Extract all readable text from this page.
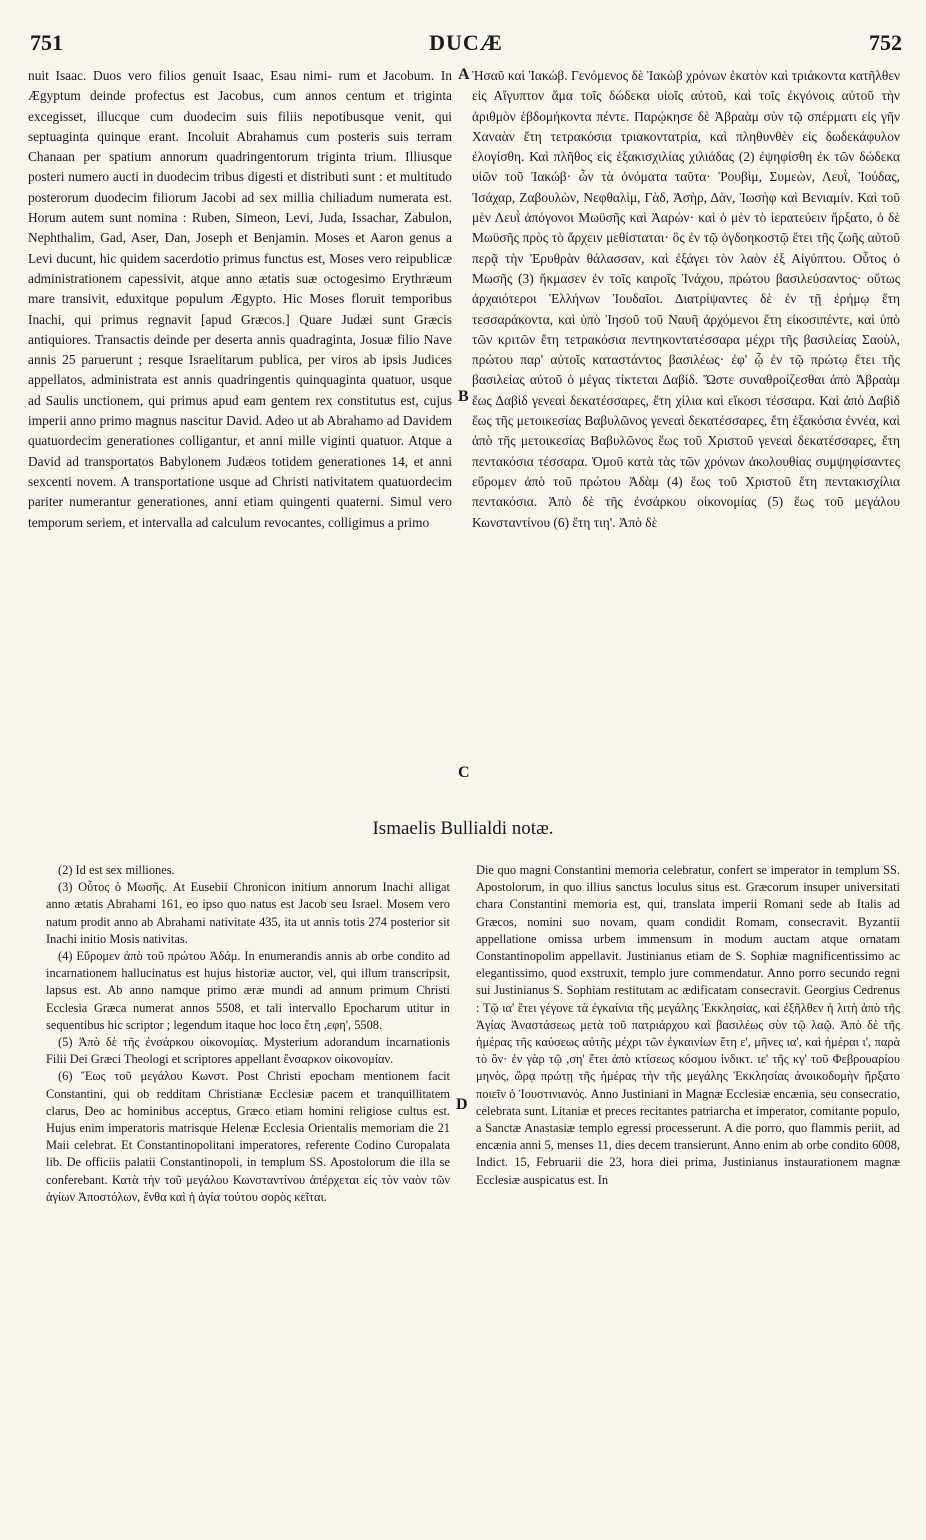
751	DUCÆ	752

nuit Isaac. Duos vero filios genuit Isaac, Esau nimi- rum et Jacobum. In Ægyptum deinde profectus est Jacobus, cum annos centum et triginta excegisset, illucque cum duodecim suis filiis nepotibusque venit, qui septuaginta quinque erant. Incoluit Abrahamus cum posteris suis terram Chanaan per spatium annorum quadringentorum triginta trium. Illiusque posteri numero aucti in duodecim tribus digesti et distributi sunt : et multitudo posterorum duodecim filiorum Jacobi ad sex millia chiliadum numerata est. Horum autem sunt nomina : Ruben, Simeon, Levi, Juda, Issachar, Zabulon, Nephthalim, Gad, Aser, Dan, Joseph et Benjamin. Moses et Aaron genus a Levi ducunt, hic quidem sacerdotio primus functus est, Moses vero reipublicæ administrationem capessivit, atque anno ætatis suæ octogesimo Erythræum mare transivit, eduxitque populum Ægypto. Hic Moses floruit temporibus Inachi, qui primus regnavit [apud Græcos.] Quare Judæi sunt Græcis antiquiores. Transactis deinde per deserta annis quadraginta, Josuæ filio Nave annis 25 paruerunt ; resque Israelitarum publica, per viros ab ipsis Judices appellatos, administrata est annis quadringentis quinquaginta quatuor, usque ad Saulis unctionem, qui primus apud eam gentem rex constitutus est, cujus imperii anno primo magnus nascitur David. Adeo ut ab Abrahamo ad Davidem quatuordecim generationes colligantur, et anni mille viginti quatuor. Atque a David ad transportatos Babylonem Judæos totidem generationes 14, et anni sexcenti novem. A transportatione usque ad Christi nativitatem quatuordecim pariter numerantur generationes, anni etiam quingenti quaterni. Simul vero temporum seriem, et intervalla ad calculum revocantes, colligimus a primo

A
B
C
D

Ἠσαῦ καὶ Ἰακώβ. Γενόμενος δὲ Ἰακὼβ χρόνων ἑκατὸν καὶ τριάκοντα κατῆλθεν εἰς Αἴγυπτον ἅμα τοῖς δώδεκα υἱοῖς αὐτοῦ, καὶ τοῖς ἐκγόνοις αὐτοῦ τὴν ἀριθμὸν ἑβδομήκοντα πέντε. Παρῴκησε δὲ Ἀβραὰμ σὺν τῷ σπέρματι εἰς γῆν Χαναὰν ἔτη τετρακόσια τριακοντατρία, καὶ πληθυνθὲν εἰς δωδεκάφυλον ἐλογίσθη. Καὶ πλῆθος εἰς ἑξακισχιλίας χιλιάδας (2) ἐψηφίσθη ἐκ τῶν δώδεκα υἱῶν τοῦ Ἰακώβ· ὧν τὰ ὀνόματα ταῦτα· Ῥουβὶμ, Συμεὼν, Λευῒ, Ἰούδας, Ἰσάχαρ, Ζαβουλὼν, Νεφθαλὶμ, Γὰδ, Ἀσὴρ, Δὰν, Ἰωσὴφ καὶ Βενιαμίν. Καὶ τοῦ μὲν Λευῒ ἀπόγονοι Μωϋσῆς καὶ Ἀαρών· καὶ ὁ μὲν τὸ ἱερατεύειν ἤρξατο, ὁ δὲ Μωϋσῆς πρὸς τὸ ἄρχειν μεθίσταται· ὃς ἐν τῷ ὀγδοηκοστῷ ἔτει τῆς ζωῆς αὐτοῦ περᾷ τὴν Ἐρυθρὰν θάλασσαν, καὶ ἐξάγει τὸν λαὸν ἐξ Αἰγύπτου. Οὗτος ὁ Μωσῆς (3) ἤκμασεν ἐν τοῖς καιροῖς Ἰνάχου, πρώτου βασιλεύσαντος· οὕτως ἀρχαιότεροι Ἑλλήνων Ἰουδαῖοι. Διατρίψαντες δὲ ἐν τῇ ἐρήμῳ ἔτη τεσσαράκοντα, καὶ ὑπὸ Ἰησοῦ τοῦ Ναυῆ ἀρχόμενοι ἔτη εἰκοσιπέντε, καὶ ὑπὸ τῶν κριτῶν ἔτη τετρακόσια πεντηκοντατέσσαρα μέχρι τῆς βασιλείας Σαοὺλ, πρώτου παρ' αὐτοῖς καταστάντος βασιλέως· ἐφ' ᾧ ἐν τῷ πρώτῳ ἔτει τῆς βασιλείας αὐτοῦ ὁ μέγας τίκτεται Δαβίδ. Ὥστε συναθροίζεσθαι ἀπὸ Ἀβραὰμ ἕως Δαβὶδ γενεαὶ δεκατέσσαρες, ἔτη χίλια καὶ εἴκοσι τέσσαρα. Καὶ ἀπὸ Δαβὶδ ἕως τῆς μετοικεσίας Βαβυλῶνος γενεαὶ δεκατέσσαρες, ἔτη ἑξακόσια ἐννέα, καὶ ἀπὸ τῆς μετοικεσίας Βαβυλῶνος ἕως τοῦ Χριστοῦ γενεαὶ δεκατέσσαρες, ἔτη πεντακόσια τέσσαρα. Ὁμοῦ κατὰ τὰς τῶν χρόνων ἀκολουθίας συμψηφίσαντες εὕρομεν ἀπὸ τοῦ πρώτου Ἀδὰμ (4) ἕως τοῦ Χριστοῦ ἔτη πεντακισχίλια πεντακόσια. Ἀπὸ δὲ τῆς ἐνσάρκου οἰκονομίας (5) ἕως τοῦ μεγάλου Κωνσταντίνου (6) ἔτη τιη'. Ἀπὸ δὲ

Ismaelis Bullialdi notæ.

(2) Id est sex milliones.

(3) Οὗτος ὁ Μωσῆς. At Eusebii Chronicon initium annorum Inachi alligat anno ætatis Abrahami 161, eo ipso quo natus est Jacob seu Israel. Mosem vero natum prodit anno ab Abrahami nativitate 435, ita ut annis totis 274 posterior sit Inachi initio Mosis nativitas.

(4) Εὕρομεν ἀπὸ τοῦ πρώτου Ἀδάμ. In enumerandis annis ab orbe condito ad incarnationem hallucinatus est hujus historiæ auctor, vel, qui illum transcripsit, lapsus est. Ab anno namque primo æræ mundi ad annum primum Christi Ecclesia Græca numerat annos 5508, et tali intervallo Epocharum utitur in sequentibus hic scriptor ; legendum itaque hoc loco ἔτη ,εφη', 5508.

(5) Ἀπὸ δὲ τῆς ἐνσάρκου οἰκονομίας. Mysterium adorandum incarnationis Filii Dei Græci Theologi et scriptores appellant ἔνσαρκον οἰκονομίαν.

(6) Ἕως τοῦ μεγάλου Κωνστ. Post Christi epocham mentionem facit Constantini, qui ob redditam Christianæ Ecclesiæ pacem et tranquillitatem clarus, Deo ac hominibus acceptus, Græco etiam homini religiose cultus est. Hujus enim imperatoris matrisque Helenæ Ecclesia Orientalis memoriam die 21 Maii celebrat. Et Constantinopolitani imperatores, referente Codino Curopalata lib. De officiis palatii Constantinopoli, in templum SS. Apostolorum die illa se conferebant. Κατὰ τὴν τοῦ μεγάλου Κωνσταντίνου ἀπέρχεται εἰς τὸν ναὸν τῶν ἁγίων Ἀποστόλων, ἔνθα καὶ ἡ ἁγία τούτου σορὸς κεῖται.

Die quo magni Constantini memoria celebratur, confert se imperator in templum SS. Apostolorum, in quo illius sanctus loculus situs est. Græcorum insuper universitati chara Constantini memoria est, qui, translata imperii Romani sede ab Italis ad Græcos, nomini suo novam, quam condidit Romam, consecravit. Byzantii appellatione omissa urbem immensum in modum auctam atque ornatam Constantinopolim appellavit. Justinianus etiam de S. Sophiæ magnificentissimo ac elegantissimo, quod exstruxit, templo jure commendatur. Anno porro secundo regni sui Justinianus S. Sophiam restitutam ac ædificatam consecravit. Georgius Cedrenus : Τῷ ια' ἔτει γέγονε τὰ ἐγκαίνια τῆς μεγάλης Ἐκκλησίας, καὶ ἐξῆλθεν ἡ λιτὴ ἀπὸ τῆς Ἁγίας Ἀναστάσεως μετὰ τοῦ πατριάρχου καὶ βασιλέως σὺν τῷ λαῷ. Ἀπὸ δὲ τῆς ἡμέρας τῆς καύσεως αὐτῆς μέχρι τῶν ἐγκαινίων ἔτη ε', μῆνες ια', καὶ ἡμέραι ι', παρὰ τὸ ὂν· ἐν γὰρ τῷ ,ση' ἔτει ἀπὸ κτίσεως κόσμου ἰνδικτ. ιε' τῆς κγ' τοῦ Φεβρουαρίου μηνὸς, ὥρᾳ πρώτῃ τῆς ἡμέρας τὴν τῆς μεγάλης Ἐκκλησίας ἀνοικοδομὴν ἤρξατο ποιεῖν ὁ Ἰουστινιανός. Anno Justiniani in Magnæ Ecclesiæ encænia, seu consecratio, celebrata sunt. Litaniæ et preces recitantes patriarcha et imperator, comitante populo, a Sanctæ Anastasiæ templo egressi processerunt. A die porro, quo flammis periit, ad encænia anni 5, menses 11, dies decem transierunt. Anno enim ab orbe condito 6008, Indict. 15, Februarii die 23, hora diei prima, Justinianus instaurationem magnæ Ecclesiæ auspicatus est. In
